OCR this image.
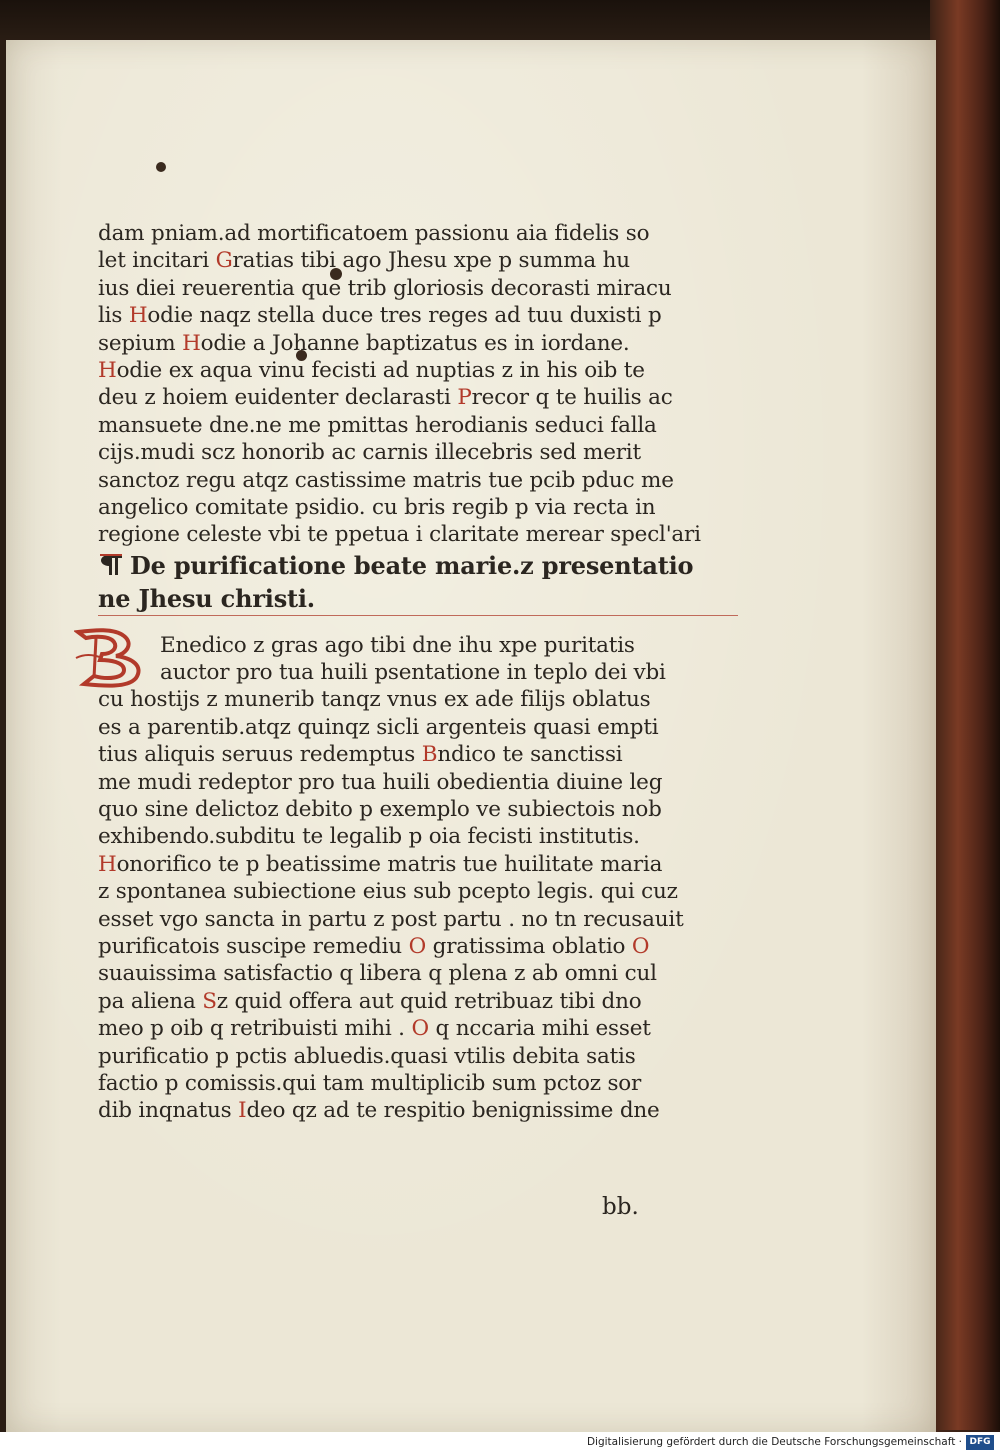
dam pniam.ad mortificatoem passionu aia fidelis so
let incitari Gratias tibi ago Jhesu xpe p summa hu
ius diei reuerentia que trib gloriosis decorasti miracu
lis Hodie naqz stella duce tres reges ad tuu duxisti p
sepium Hodie a Johanne baptizatus es in iordane.
Hodie ex aqua vinu fecisti ad nuptias z in his oib te
deu z hoiem euidenter declarasti Precor q te huilis ac
mansuete dne.ne me pmittas herodianis seduci falla
cijs.mudi scz honorib ac carnis illecebris sed merit
sanctoz regu atqz castissime matris tue pcib pduc me
angelico comitate psidio. cu bris regib p via recta in
regione celeste vbi te ppetua i claritate merear specl'ari
De purificatione beate marie.z presentatio
ne Jhesu christi.
Enedico z gras ago tibi dne ihu xpe puritatis
auctor pro tua huili psentatione in teplo dei vbi
cu hostijs z munerib tanqz vnus ex ade filijs oblatus
es a parentib.atqz quinqz sicli argenteis quasi empti
tius aliquis seruus redemptus Bndico te sanctissi
me mudi redeptor pro tua huili obedientia diuine leg
quo sine delictoz debito p exemplo ve subiectois nob
exhibendo.subditu te legalib p oia fecisti institutis.
Honorifico te p beatissime matris tue huilitate maria
z spontanea subiectione eius sub pcepto legis. qui cuz
esset vgo sancta in partu z post partu . no tn recusauit
purificatois suscipe remediu O gratissima oblatio O
suauissima satisfactio q libera q plena z ab omni cul
pa aliena Sz quid offera aut quid retribuaz tibi dno
meo p oib q retribuisti mihi . O q nccaria mihi esset
purificatio p pctis abluedis.quasi vtilis debita satis
factio p comissis.qui tam multiplicib sum pctoz sor
dib inqnatus Ideo qz ad te respitio benignissime dne
bb.
Digitalisierung gefördert durch die Deutsche Forschungsgemeinschaft · DFG
